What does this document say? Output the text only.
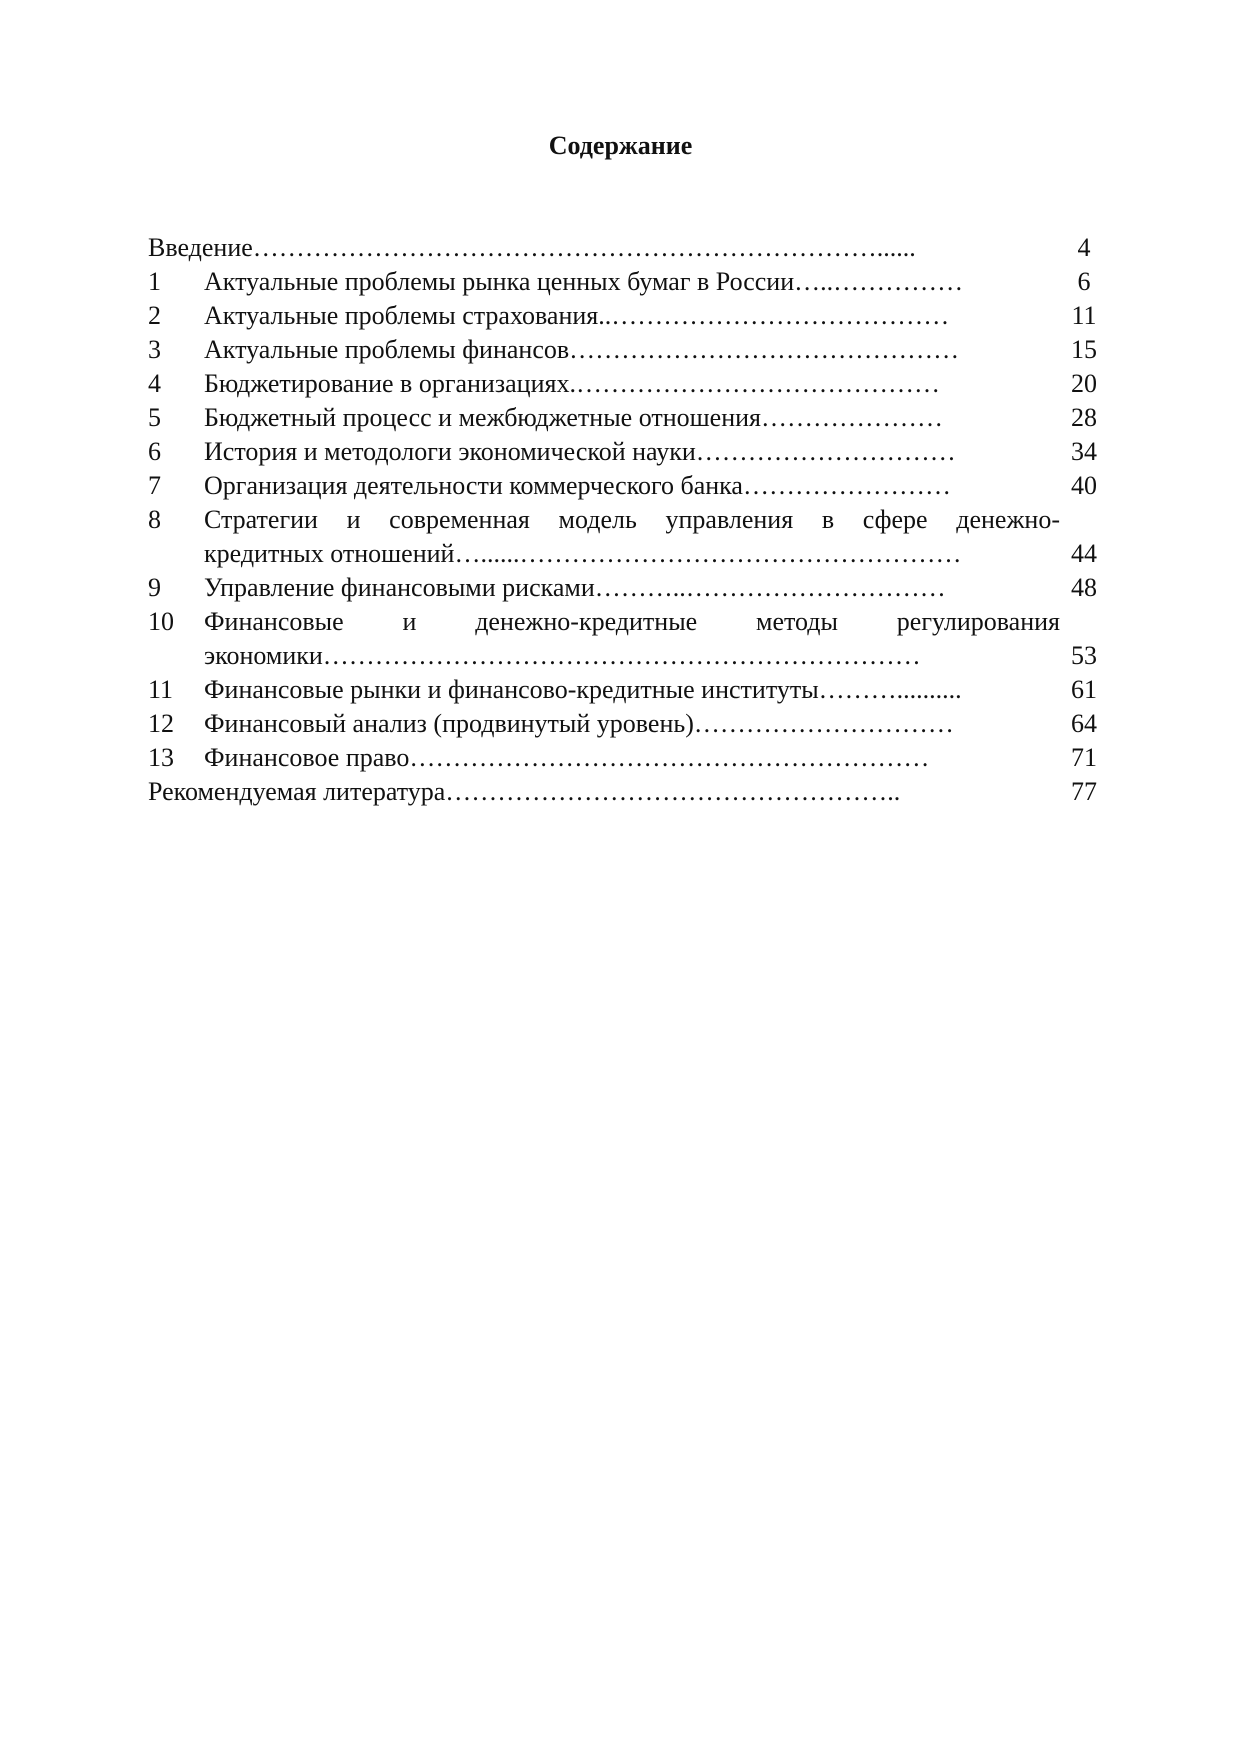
Содержание
Введение………………………………………………………………......	4
1 Актуальные проблемы рынка ценных бумаг в России…..……………	6
2 Актуальные проблемы страхования..…………………………………	11
3 Актуальные проблемы финансов………………………………………	15
4 Бюджетирование в организациях.……………………………………	20
5 Бюджетный процесс и межбюджетные отношения…………………	28
6 История и методологи экономической науки…………………………	34
7 Организация деятельности коммерческого банка……………………	40
8 Стратегии и современная модель управления в сфере денежно-
кредитных отношений…......……………………………………………	44
9 Управление финансовыми рисками………..…………………………	48
10 Финансовые и денежно-кредитные методы регулирования
экономики……………………………………………………………	53
11 Финансовые рынки и финансово-кредитные институты………..........	61
12 Финансовый анализ (продвинутый уровень)…………………………	64
13 Финансовое право……………………………………………………	71
Рекомендуемая литература……………………………………………..	77
